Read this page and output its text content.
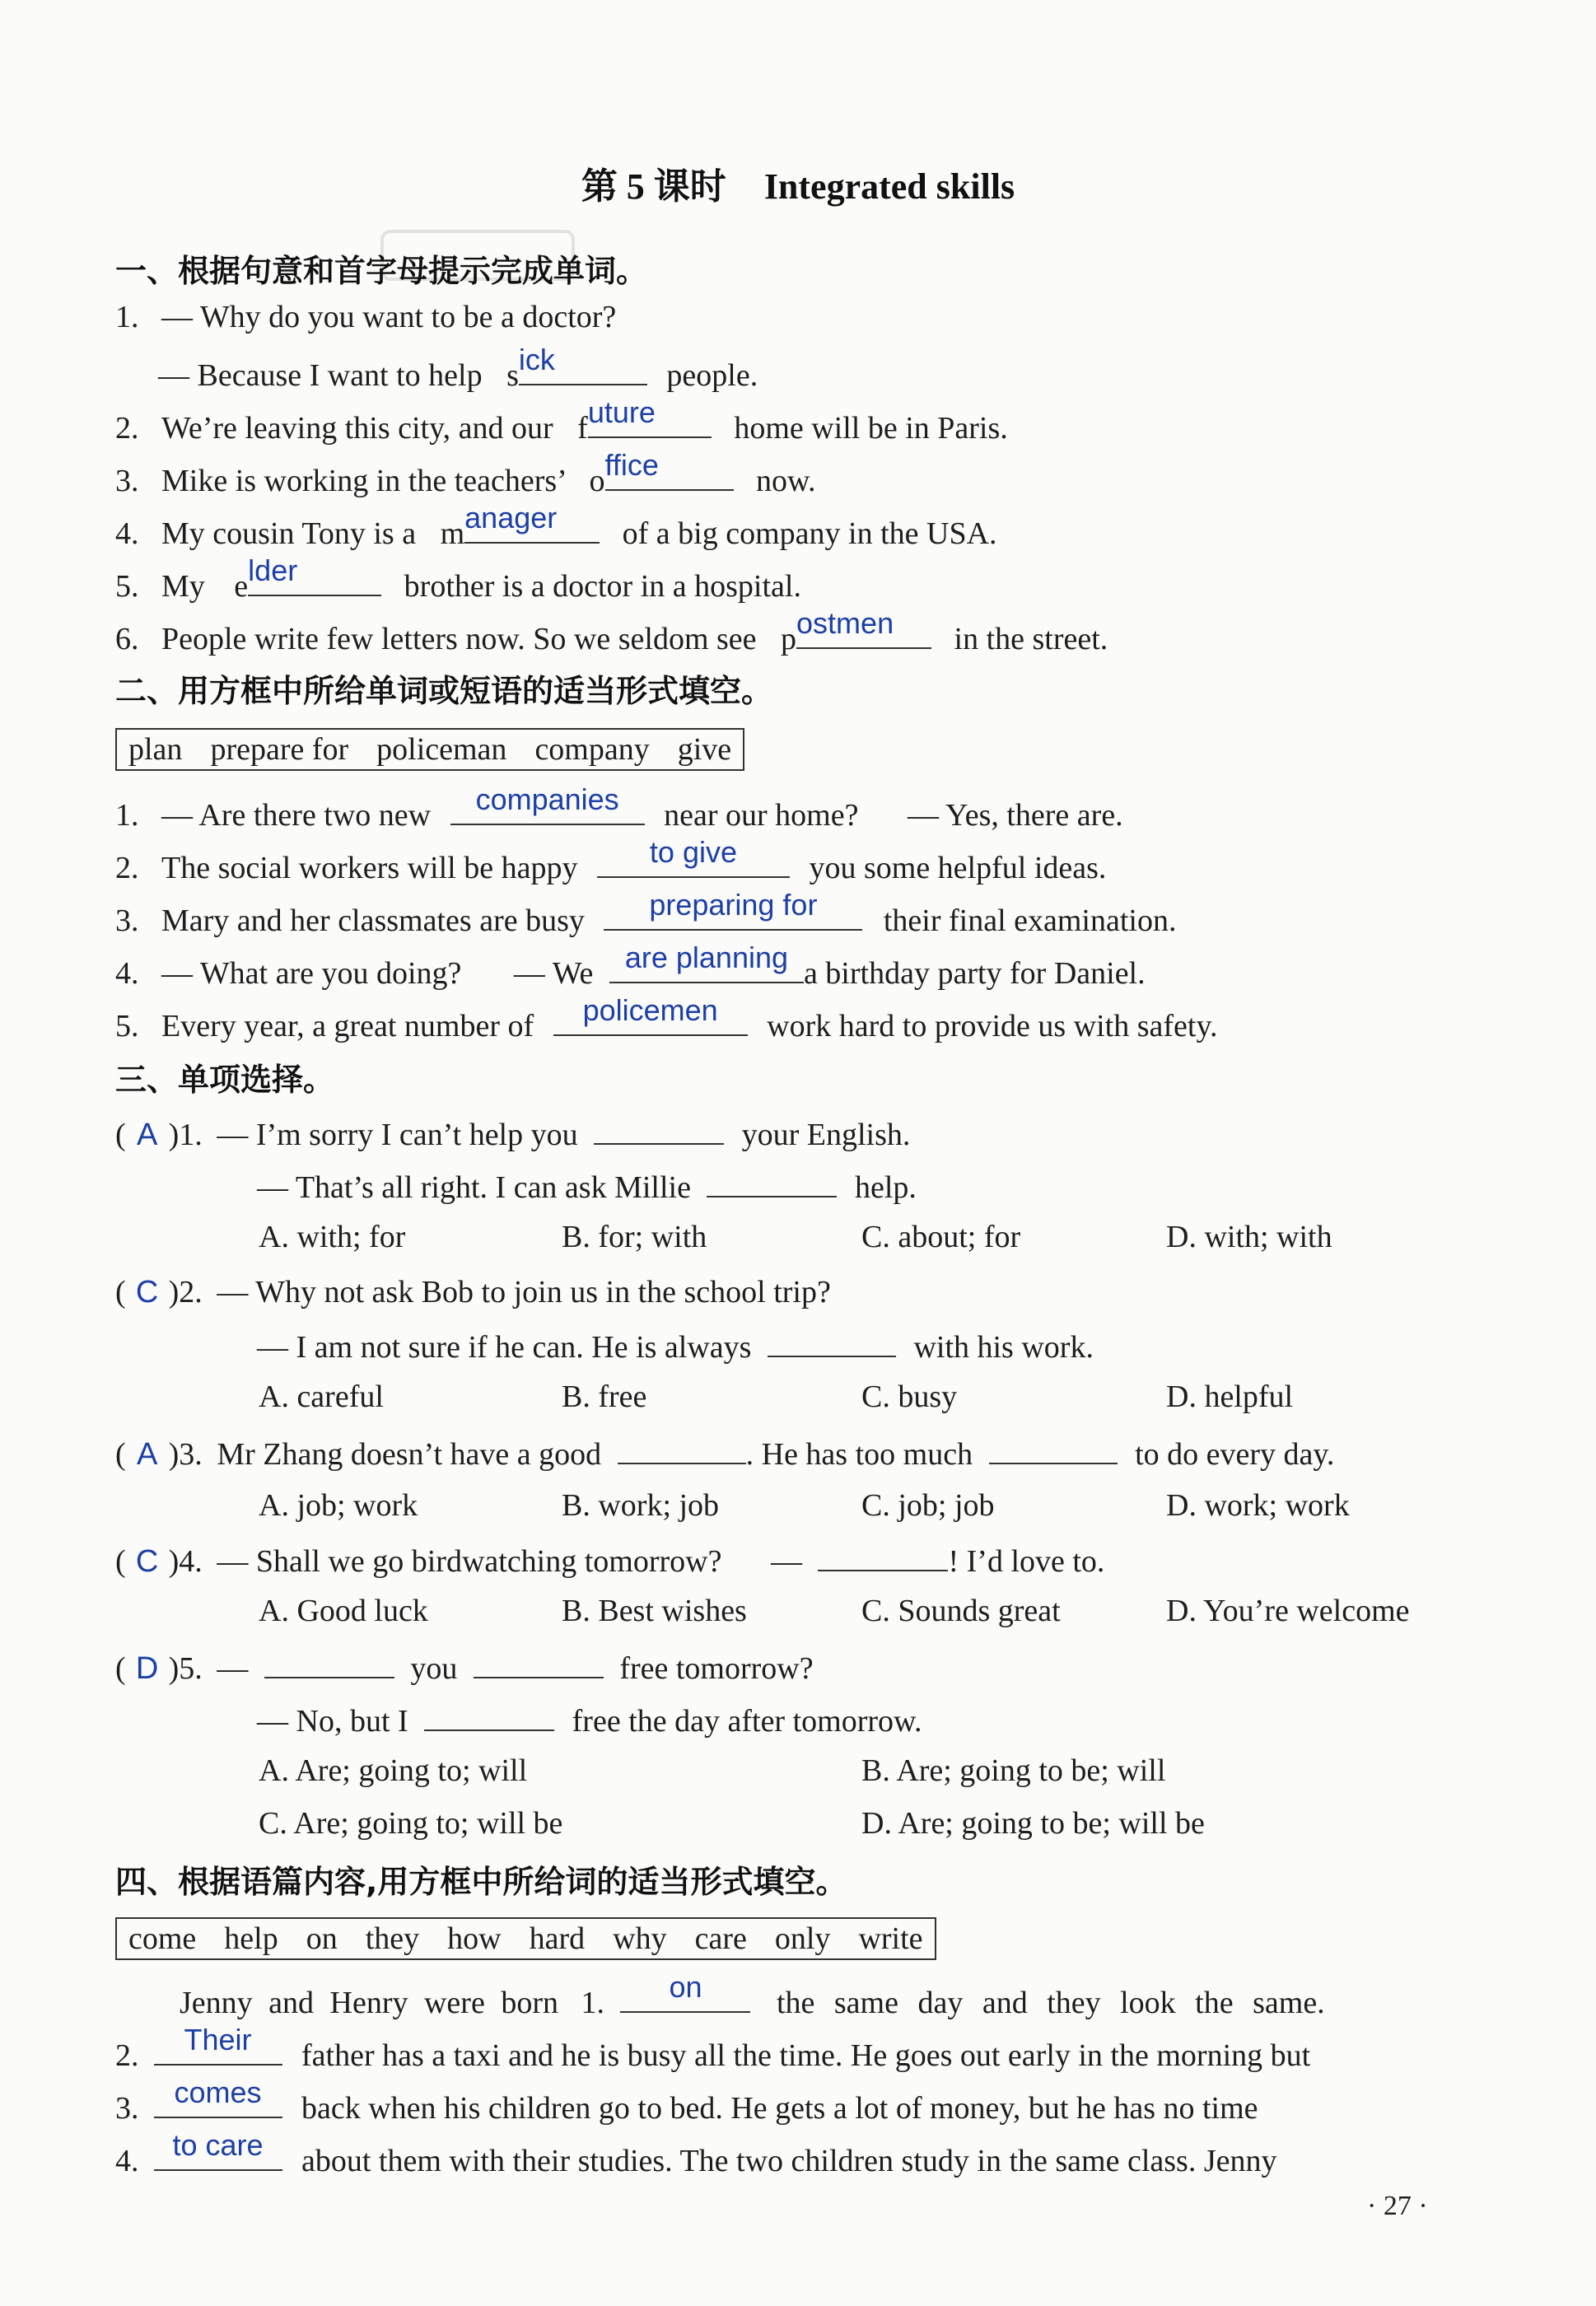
第 5 课时 Integrated skills
一、根据句意和首字母提示完成单词。
1. — Why do you want to be a doctor?
— Because I want to help s ick	people.
2. We’re leaving this city, and our f uture	home will be in Paris.
3. Mike is working in the teachers’ o ffice	now.
4. My cousin Tony is a m anager	of a big company in the USA.
5. My e lder	brother is a doctor in a hospital.
6. People write few letters now. So we seldom see p ostmen	in the street.
二、用方框中所给单词或短语的适当形式填空。
plan prepare for policeman company give
1. — Are there two new	companies	near our home? — Yes, there are.
2. The social workers will be happy	to give	you some helpful ideas.
3. Mary and her classmates are busy	preparing for	their final examination.
4. — What are you doing? — We	are planning a birthday party for Daniel.
5. Every year, a great number of	policemen	work hard to provide us with safety.
三、单项选择。
( A )1. — I’m sorry I can’t help you	your English.
— That’s all right. I can ask Millie	help.
A. with; for	B. for; with	C. about; for	D. with; with
( C )2. — Why not ask Bob to join us in the school trip?
— I am not sure if he can. He is always	with his work.
A. careful	B. free	C. busy	D. helpful
( A )3. Mr Zhang doesn’t have a good	. He has too much	to do every day.
A. job; work	B. work; job	C. job; job	D. work; work
( C )4. — Shall we go birdwatching tomorrow? —	! I’d love to.
A. Good luck	B. Best wishes	C. Sounds great	D. You’re welcome
( D )5. —	you	free tomorrow?
— No, but I	free the day after tomorrow.
A. Are; going to; will	B. Are; going to be; will
C. Are; going to; will be	D. Are; going to be; will be
四、根据语篇内容,用方框中所给词的适当形式填空。
come help on they how hard why care only write
Jenny and Henry were born 1.	on	the same day and they look the same.
2.	Their	father has a taxi and he is busy all the time. He goes out early in the morning but
3.	comes	back when his children go to bed. He gets a lot of money, but he has no time
4.	to care	about them with their studies. The two children study in the same class. Jenny
· 27 ·
